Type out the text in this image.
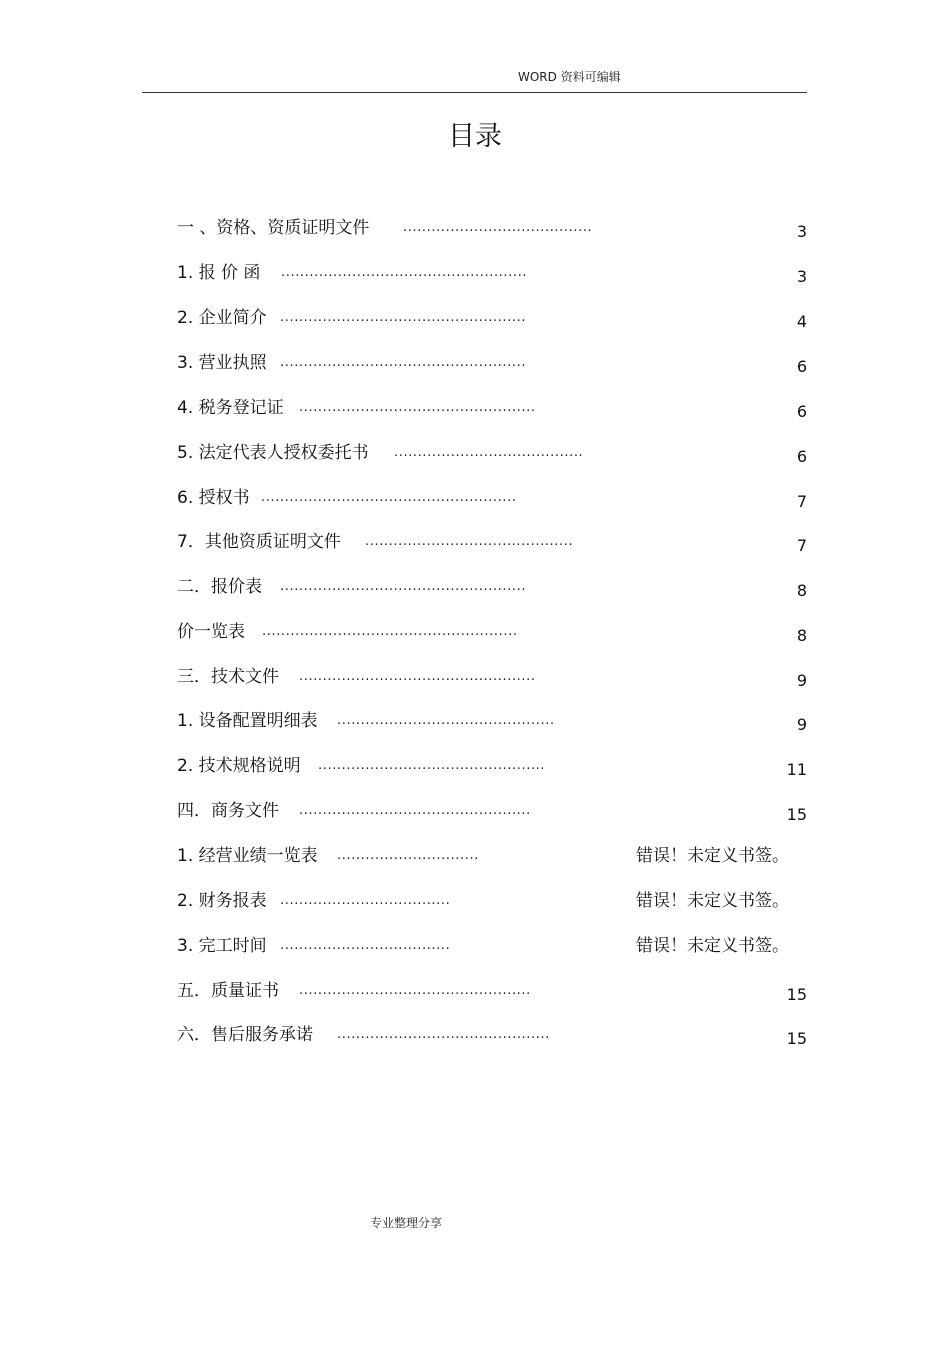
WORD 资料可编辑
目录
一 、资格、资质证明文件	........................................	3
1. 报 价 函 ....................................................	3
2. 企业简介 ....................................................	4
3. 营业执照 ....................................................	6
4. 税务登记证 ..................................................	6
5. 法定代表人授权委托书 ........................................	6
6. 授权书 ......................................................	7
7．其他资质证明文件 ............................................	7
二．报价表 ....................................................	8
价一览表 ......................................................	8
三．技术文件 ..................................................	9
1. 设备配置明细表 ..............................................	9
2. 技术规格说明 ................................................	11
四．商务文件 .................................................	15
1. 经营业绩一览表 ..............................	错误！未定义书签。
2. 财务报表 ....................................	错误！未定义书签。
3. 完工时间 ....................................	错误！未定义书签。
五．质量证书 .................................................	15
六．售后服务承诺 .............................................	15
专业整理分享
